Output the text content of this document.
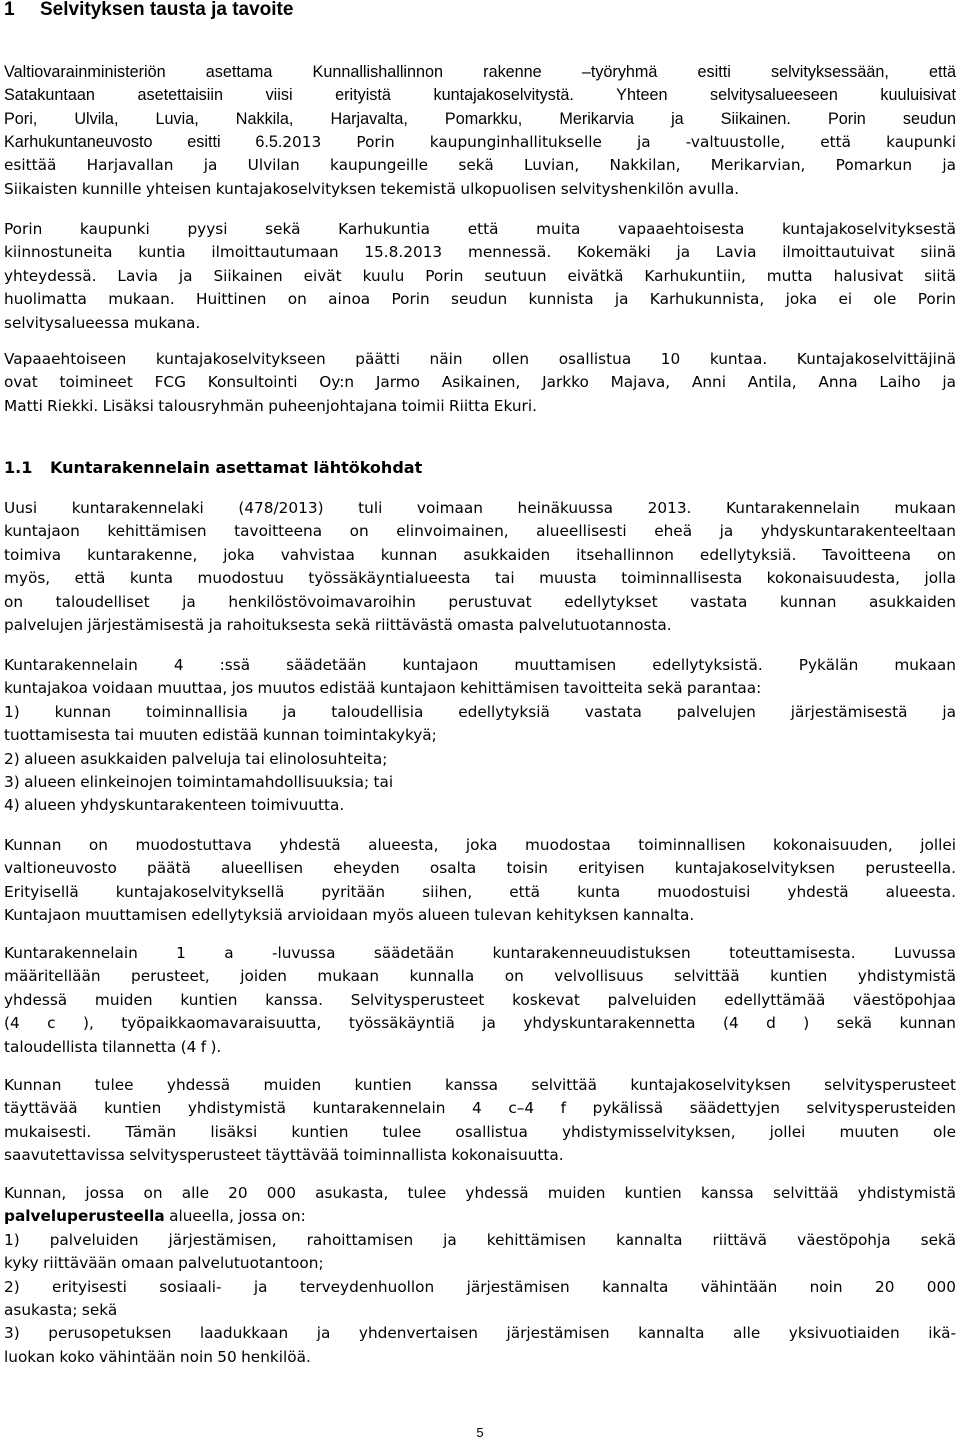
1 Selvityksen tausta ja tavoite
Valtiovarainministeriön asettama Kunnallishallinnon rakenne –työryhmä esitti selvityksessään, että
Satakuntaan asetettaisiin viisi erityistä kuntajakoselvitystä. Yhteen selvitysalueeseen kuuluisivat
Pori, Ulvila, Luvia, Nakkila, Harjavalta, Pomarkku, Merikarvia ja Siikainen. Porin seudun
Karhukuntaneuvosto esitti 6.5.2013 Porin kaupunginhallitukselle ja -valtuustolle, että kaupunki
esittää Harjavallan ja Ulvilan kaupungeille sekä Luvian, Nakkilan, Merikarvian, Pomarkun ja
Siikaisten kunnille yhteisen kuntajakoselvityksen tekemistä ulkopuolisen selvityshenkilön avulla.
Porin kaupunki pyysi sekä Karhukuntia että muita vapaaehtoisesta kuntajakoselvityksestä
kiinnostuneita kuntia ilmoittautumaan 15.8.2013 mennessä. Kokemäki ja Lavia ilmoittautuivat siinä
yhteydessä. Lavia ja Siikainen eivät kuulu Porin seutuun eivätkä Karhukuntiin, mutta halusivat siitä
huolimatta mukaan. Huittinen on ainoa Porin seudun kunnista ja Karhukunnista, joka ei ole Porin
selvitysalueessa mukana.
Vapaaehtoiseen kuntajakoselvitykseen päätti näin ollen osallistua 10 kuntaa. Kuntajakoselvittäjinä
ovat toimineet FCG Konsultointi Oy:n Jarmo Asikainen, Jarkko Majava, Anni Antila, Anna Laiho ja
Matti Riekki. Lisäksi talousryhmän puheenjohtajana toimii Riitta Ekuri.
1.1 Kuntarakennelain asettamat lähtökohdat
Uusi kuntarakennelaki (478/2013) tuli voimaan heinäkuussa 2013. Kuntarakennelain mukaan
kuntajaon kehittämisen tavoitteena on elinvoimainen, alueellisesti eheä ja yhdyskuntarakenteeltaan
toimiva kuntarakenne, joka vahvistaa kunnan asukkaiden itsehallinnon edellytyksiä. Tavoitteena on
myös, että kunta muodostuu työssäkäyntialueesta tai muusta toiminnallisesta kokonaisuudesta, jolla
on taloudelliset ja henkilöstövoimavaroihin perustuvat edellytykset vastata kunnan asukkaiden
palvelujen järjestämisestä ja rahoituksesta sekä riittävästä omasta palvelutuotannosta.
Kuntarakennelain 4 :ssä säädetään kuntajaon muuttamisen edellytyksistä. Pykälän mukaan
kuntajakoa voidaan muuttaa, jos muutos edistää kuntajaon kehittämisen tavoitteita sekä parantaa:
1) kunnan toiminnallisia ja taloudellisia edellytyksiä vastata palvelujen järjestämisestä ja
tuottamisesta tai muuten edistää kunnan toimintakykyä;
2) alueen asukkaiden palveluja tai elinolosuhteita;
3) alueen elinkeinojen toimintamahdollisuuksia; tai
4) alueen yhdyskuntarakenteen toimivuutta.
Kunnan on muodostuttava yhdestä alueesta, joka muodostaa toiminnallisen kokonaisuuden, jollei
valtioneuvosto päätä alueellisen eheyden osalta toisin erityisen kuntajakoselvityksen perusteella.
Erityisellä kuntajakoselvityksellä pyritään siihen, että kunta muodostuisi yhdestä alueesta.
Kuntajaon muuttamisen edellytyksiä arvioidaan myös alueen tulevan kehityksen kannalta.
Kuntarakennelain 1 a -luvussa säädetään kuntarakenneuudistuksen toteuttamisesta. Luvussa
määritellään perusteet, joiden mukaan kunnalla on velvollisuus selvittää kuntien yhdistymistä
yhdessä muiden kuntien kanssa. Selvitysperusteet koskevat palveluiden edellyttämää väestöpohjaa
(4 c ), työpaikkaomavaraisuutta, työssäkäyntiä ja yhdyskuntarakennetta (4 d ) sekä kunnan
taloudellista tilannetta (4 f ).
Kunnan tulee yhdessä muiden kuntien kanssa selvittää kuntajakoselvityksen selvitysperusteet
täyttävää kuntien yhdistymistä kuntarakennelain 4 c–4 f pykälissä säädettyjen selvitysperusteiden
mukaisesti. Tämän lisäksi kuntien tulee osallistua yhdistymisselvityksen, jollei muuten ole
saavutettavissa selvitysperusteet täyttävää toiminnallista kokonaisuutta.
Kunnan, jossa on alle 20 000 asukasta, tulee yhdessä muiden kuntien kanssa selvittää yhdistymistä
palveluperusteella alueella, jossa on:
1) palveluiden järjestämisen, rahoittamisen ja kehittämisen kannalta riittävä väestöpohja sekä
kyky riittävään omaan palvelutuotantoon;
2) erityisesti sosiaali- ja terveydenhuollon järjestämisen kannalta vähintään noin 20 000
asukasta; sekä
3) perusopetuksen laadukkaan ja yhdenvertaisen järjestämisen kannalta alle yksivuotiaiden ikä-
luokan koko vähintään noin 50 henkilöä.
5
